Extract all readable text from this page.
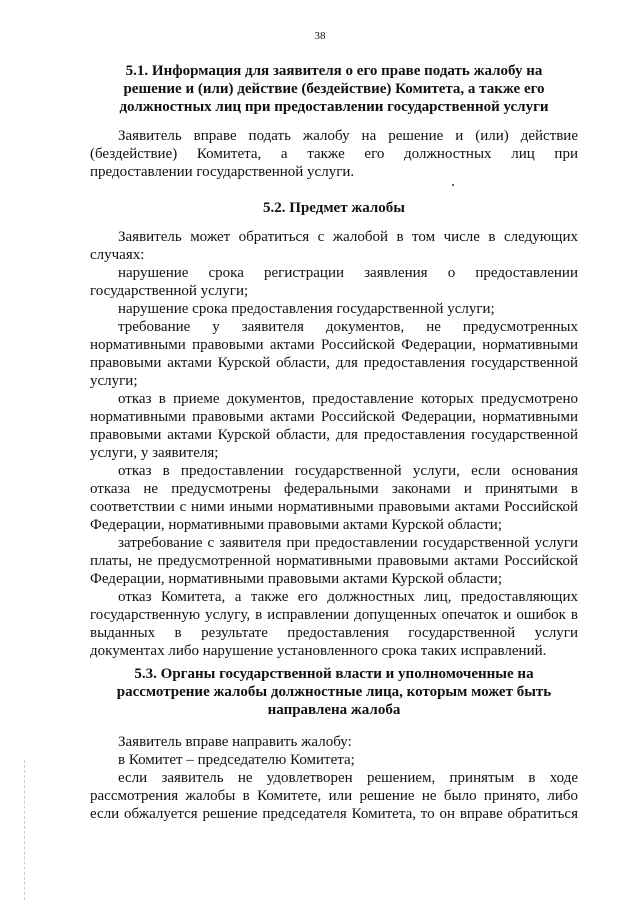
38
5.1. Информация для заявителя о его праве подать жалобу на
решение и (или) действие (бездействие) Комитета, а также его
должностных лиц при предоставлении государственной услуги
Заявитель вправе подать жалобу на решение и (или) действие
(бездействие) Комитета, а также его должностных лиц при
предоставлении государственной услуги.
5.2. Предмет жалобы
Заявитель может обратиться с жалобой в том числе в следующих
случаях:
нарушение срока регистрации заявления о предоставлении
государственной услуги;
нарушение срока предоставления государственной услуги;
требование у заявителя документов, не предусмотренных
нормативными правовыми актами Российской Федерации, нормативными
правовыми актами Курской области, для предоставления государственной
услуги;
отказ в приеме документов, предоставление которых предусмотрено
нормативными правовыми актами Российской Федерации, нормативными
правовыми актами Курской области, для предоставления государственной
услуги, у заявителя;
отказ в предоставлении государственной услуги, если основания
отказа не предусмотрены федеральными законами и принятыми в
соответствии с ними иными нормативными правовыми актами Российской
Федерации, нормативными правовыми актами Курской области;
затребование с заявителя при предоставлении государственной услуги
платы, не предусмотренной нормативными правовыми актами Российской
Федерации, нормативными правовыми актами Курской области;
отказ Комитета, а также его должностных лиц, предоставляющих
государственную услугу, в исправлении допущенных опечаток и ошибок в
выданных в результате предоставления государственной услуги
документах либо нарушение установленного срока таких исправлений.
5.3. Органы государственной власти и уполномоченные на
рассмотрение жалобы должностные лица, которым может быть
направлена жалоба
Заявитель вправе направить жалобу:
в Комитет – председателю Комитета;
если заявитель не удовлетворен решением, принятым в ходе
рассмотрения жалобы в Комитете, или решение не было принято, либо
если обжалуется решение председателя Комитета, то он вправе обратиться
